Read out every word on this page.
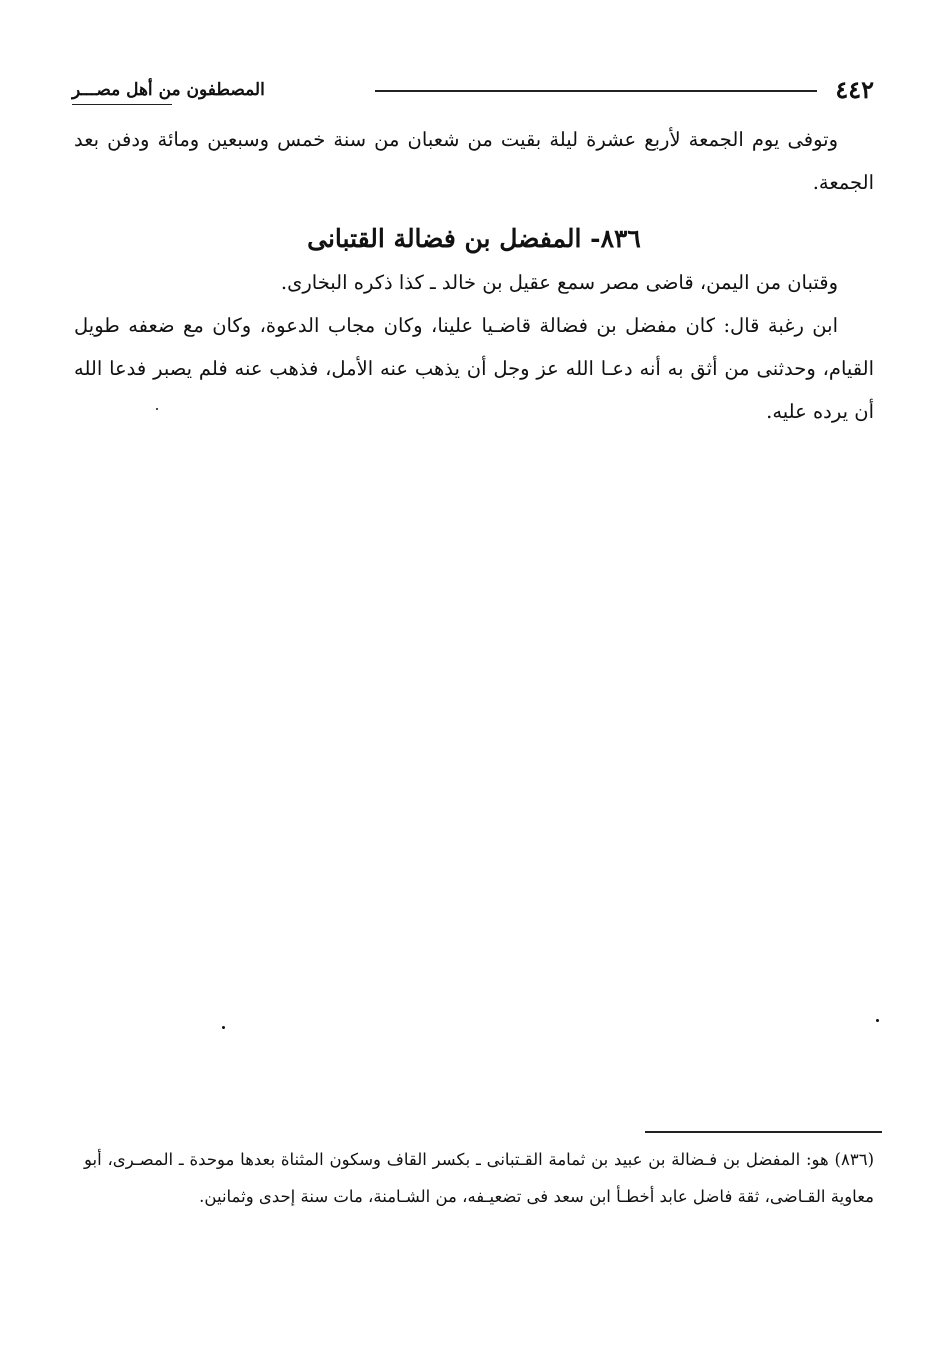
٤٤٢
المصطفون من أهل مصـــر

وتوفى يوم الجمعة لأربع عشرة ليلة بقيت من شعبان من سنة خمس وسبعين ومائة ودفن بعد الجمعة.

٨٣٦- المفضل بن فضالة القتبانى

وقتبان من اليمن، قاضى مصر سمع عقيل بن خالد ـ كذا ذكره البخارى.

ابن رغبة قال: كان مفضل بن فضالة قاضـيا علينا، وكان مجاب الدعوة، وكان مع ضعفه طويل القيام، وحدثنى من أثق به أنه دعـا الله عز وجل أن يذهب عنه الأمل، فذهب عنه فلم يصبر فدعا الله أن يرده عليه.

(٨٣٦) هو: المفضل بن فـضالة بن عبيد بن ثمامة القـتبانى ـ بكسر القاف وسكون المثناة بعدها موحدة ـ المصـرى، أبو معاوية القـاضى، ثقة فاضل عابد أخطـأ ابن سعد فى تضعيـفه، من الشـامنة، مات سنة إحدى وثمانين.
